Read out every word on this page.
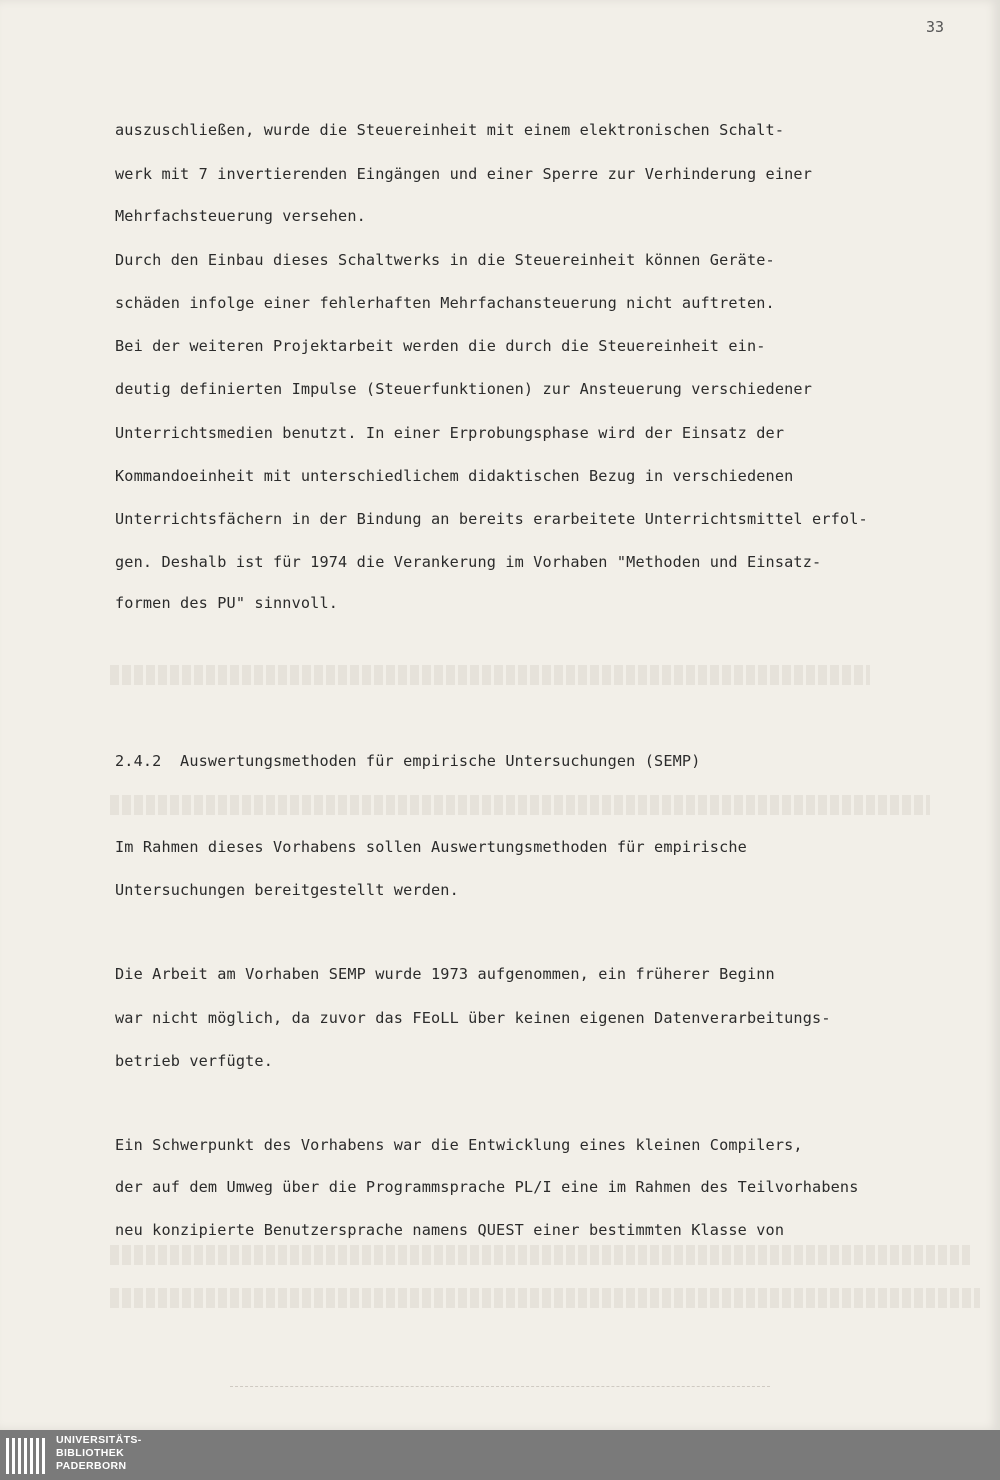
33
auszuschließen, wurde die Steuereinheit mit einem elektronischen Schalt-
werk mit 7 invertierenden Eingängen und einer Sperre zur Verhinderung einer
Mehrfachsteuerung versehen.
Durch den Einbau dieses Schaltwerks in die Steuereinheit können Geräte-
schäden infolge einer fehlerhaften Mehrfachansteuerung nicht auftreten.
Bei der weiteren Projektarbeit werden die durch die Steuereinheit ein-
deutig definierten Impulse (Steuerfunktionen) zur Ansteuerung verschiedener
Unterrichtsmedien benutzt. In einer Erprobungsphase wird der Einsatz der
Kommandoeinheit mit unterschiedlichem didaktischen Bezug in verschiedenen
Unterrichtsfächern in der Bindung an bereits erarbeitete Unterrichtsmittel erfol-
gen. Deshalb ist für 1974 die Verankerung im Vorhaben "Methoden und Einsatz-
formen des PU" sinnvoll.
2.4.2  Auswertungsmethoden für empirische Untersuchungen (SEMP)
Im Rahmen dieses Vorhabens sollen Auswertungsmethoden für empirische
Untersuchungen bereitgestellt werden.
Die Arbeit am Vorhaben SEMP wurde 1973 aufgenommen, ein früherer Beginn
war nicht möglich, da zuvor das FEoLL über keinen eigenen Datenverarbeitungs-
betrieb verfügte.
Ein Schwerpunkt des Vorhabens war die Entwicklung eines kleinen Compilers,
der auf dem Umweg über die Programmsprache PL/I eine im Rahmen des Teilvorhabens
neu konzipierte Benutzersprache namens QUEST einer bestimmten Klasse von
UNIVERSITÄTS-
BIBLIOTHEK
PADERBORN
